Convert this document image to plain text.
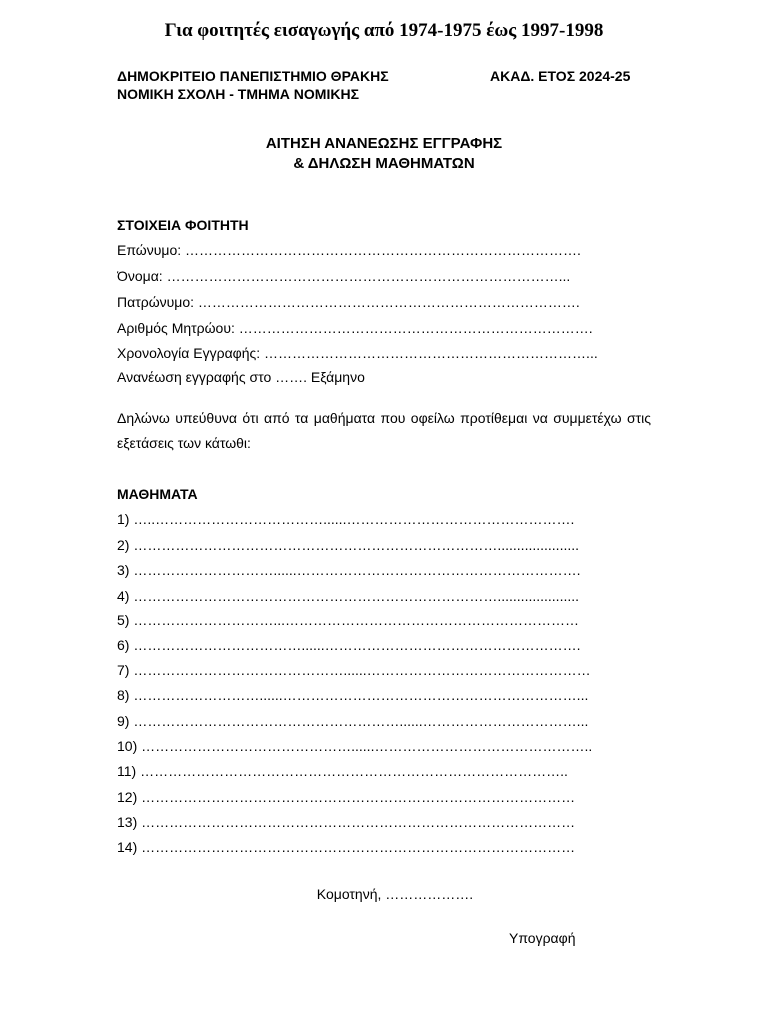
Για φοιτητές εισαγωγής από 1974-1975 έως 1997-1998
ΔΗΜΟΚΡΙΤΕΙΟ ΠΑΝΕΠΙΣΤΗΜΙΟ ΘΡΑΚΗΣ
ΝΟΜΙΚΗ ΣΧΟΛΗ - ΤΜΗΜΑ ΝΟΜΙΚΗΣ
ΑΚΑΔ. ΕΤΟΣ 2024-25
ΑΙΤΗΣΗ ΑΝΑΝΕΩΣΗΣ ΕΓΓΡΑΦΗΣ
& ΔΗΛΩΣΗ ΜΑΘΗΜΑΤΩΝ
ΣΤΟΙΧΕΙΑ ΦΟΙΤΗΤΗ
Επώνυμο: ………………………………………………………………………….
Όνομα: …………………………………………………………………………...
Πατρώνυμο: ……………………………………………………………………….
Αριθμός Μητρώου: ………………………………………………………………….
Χρονολογία Εγγραφής: ……………………………………………………………...
Ανανέωση εγγραφής στο ……. Εξάμηνο
Δηλώνω υπεύθυνα ότι από τα μαθήματα που οφείλω προτίθεμαι να συμμετέχω στις εξετάσεις των κάτωθι:
ΜΑΘΗΜΑΤΑ
1) …..………………………………......………………………………………….
2) …………………………………………………………………….....................
3) …………………………......…………………………………………………….
4) …………………………………………………………………….....................
5) …………………………...………………………………………………………
6) ………………………………......……………………………………………….
7) ………………………………………......…………………………………………
8) ………………………......………………………………………………………...
9) …………………………………………………......……………………………...
10) ………………………………………......………………………………………..
11) ………………………………………………………………………………..
12) …………………………………………………………………………………
13) …………………………………………………………………………………
14) …………………………………………………………………………………
Κομοτηνή, ……………….
Υπογραφή
